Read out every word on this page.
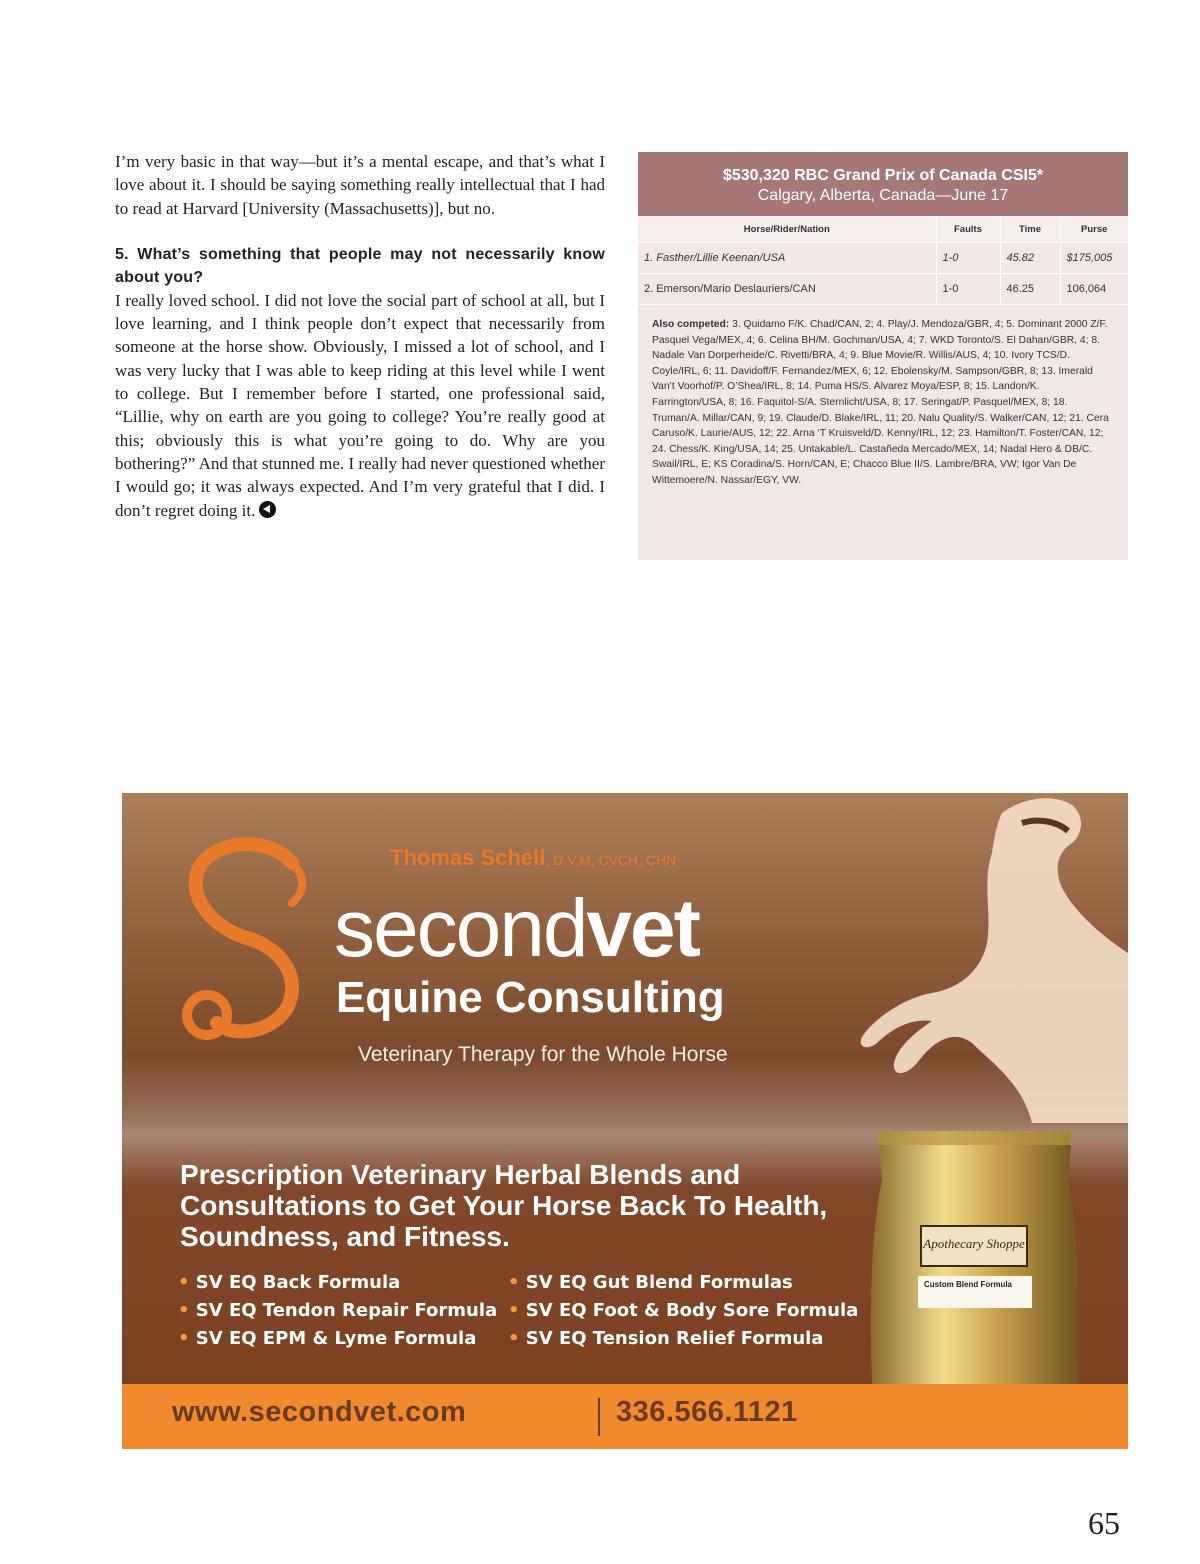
I’m very basic in that way—but it’s a mental escape, and that’s what I love about it. I should be saying something really intellectual that I had to read at Harvard [University (Massachusetts)], but no.

5. What’s something that people may not necessarily know about you?

I really loved school. I did not love the social part of school at all, but I love learning, and I think people don’t expect that necessarily from someone at the horse show. Obviously, I missed a lot of school, and I was very lucky that I was able to keep riding at this level while I went to college. But I remember before I started, one professional said, “Lillie, why on earth are you going to college? You’re really good at this; obviously this is what you’re going to do. Why are you bothering?” And that stunned me. I really had never questioned whether I would go; it was always expected. And I’m very grateful that I did. I don’t regret doing it.

$530,320 RBC Grand Prix of Canada CSI5*
Calgary, Alberta, Canada—June 17
Horse/Rider/Nation	Faults	Time	Purse
1. Fasther/Lillie Keenan/USA	1-0	45.82	$175,005
2. Emerson/Mario Deslauriers/CAN	1-0	46.25	106,064
Also competed: 3. Quidamo F/K. Chad/CAN, 2; 4. Play/J. Mendoza/GBR, 4; 5. Dominant 2000 Z/F. Pasquel Vega/MEX, 4; 6. Celina BH/M. Gochman/USA, 4; 7. WKD Toronto/S. El Dahan/GBR, 4; 8. Nadale Van Dorperheide/C. Rivetti/BRA, 4; 9. Blue Movie/R. Willis/AUS, 4; 10. Ivory TCS/D. Coyle/IRL, 6; 11. Davidoff/F. Fernandez/MEX, 6; 12. Ebolensky/M. Sampson/GBR, 8; 13. Imerald Van’t Voorhof/P. O’Shea/IRL, 8; 14. Puma HS/S. Alvarez Moya/ESP, 8; 15. Landon/K. Farrington/USA, 8; 16. Faquitol-S/A. Sternlicht/USA, 8; 17. Seringat/P. Pasquel/MEX, 8; 18. Truman/A. Millar/CAN, 9; 19. Claude/D. Blake/IRL, 11; 20. Nalu Quality/S. Walker/CAN, 12; 21. Cera Caruso/K. Laurie/AUS, 12; 22. Arna ‘T Kruisveld/D. Kenny/IRL, 12; 23. Hamilton/T. Foster/CAN, 12; 24. Chess/K. King/USA, 14; 25. Untakable/L. Castañeda Mercado/MEX, 14; Nadal Hero & DB/C. Swail/IRL, E; KS Coradina/S. Horn/CAN, E; Chacco Blue II/S. Lambre/BRA, VW; Igor Van De Wittemoere/N. Nassar/EGY, VW.
Thomas Schell, D.V.M, CVCH, CHN
secondvet
Equine Consulting
Veterinary Therapy for the Whole Horse
Prescription Veterinary Herbal Blends and Consultations to Get Your Horse Back To Health, Soundness, and Fitness.
• SV EQ Back Formula
• SV EQ Tendon Repair Formula
• SV EQ EPM & Lyme Formula
• SV EQ Gut Blend Formulas
• SV EQ Foot & Body Sore Formula
• SV EQ Tension Relief Formula
Apothecary Shoppe
Custom Blend Formula
www.secondvet.com	336.566.1121
65
